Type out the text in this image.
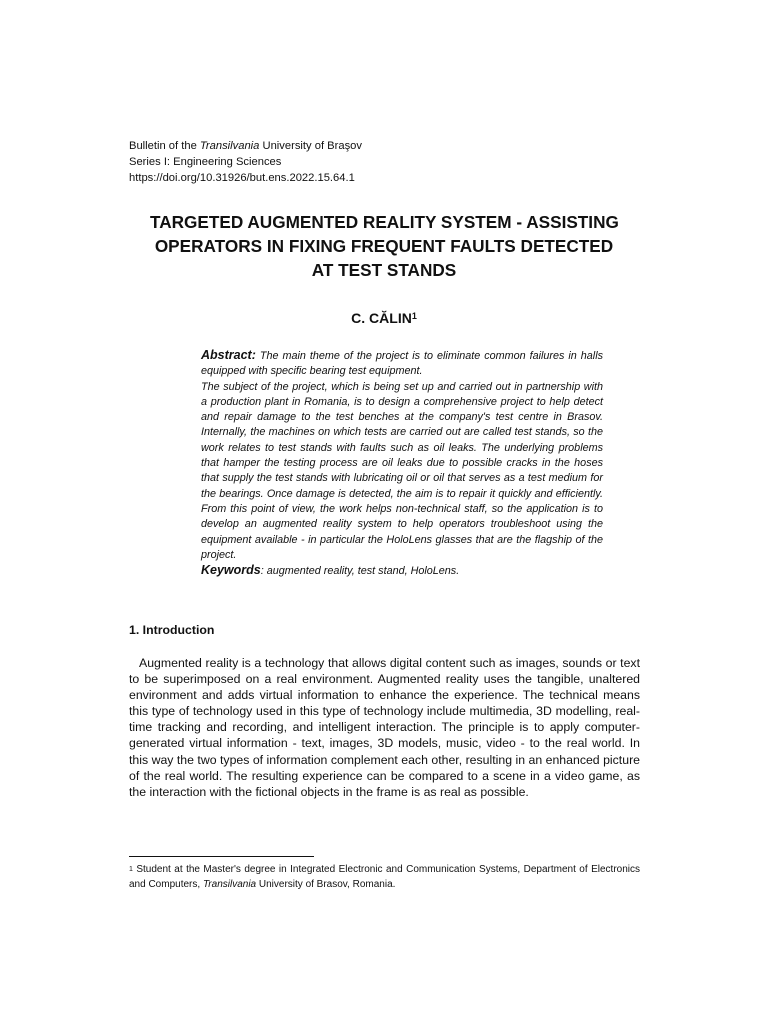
Bulletin of the Transilvania University of Braşov
Series I: Engineering Sciences
https://doi.org/10.31926/but.ens.2022.15.64.1
TARGETED AUGMENTED REALITY SYSTEM - ASSISTING
OPERATORS IN FIXING FREQUENT FAULTS DETECTED
AT TEST STANDS
C. CĂLIN$^1$

Abstract: The main theme of the project is to eliminate common failures in halls equipped with specific bearing test equipment.

The subject of the project, which is being set up and carried out in partnership with a production plant in Romania, is to design a comprehensive project to help detect and repair damage to the test benches at the company's test centre in Brasov. Internally, the machines on which tests are carried out are called test stands, so the work relates to test stands with faults such as oil leaks. The underlying problems that hamper the testing process are oil leaks due to possible cracks in the hoses that supply the test stands with lubricating oil or oil that serves as a test medium for the bearings. Once damage is detected, the aim is to repair it quickly and efficiently. From this point of view, the work helps non-technical staff, so the application is to develop an augmented reality system to help operators troubleshoot using the equipment available - in particular the HoloLens glasses that are the flagship of the project.

Keywords: augmented reality, test stand, HoloLens.

1. Introduction

Augmented reality is a technology that allows digital content such as images, sounds or text to be superimposed on a real environment. Augmented reality uses the tangible, unaltered environment and adds virtual information to enhance the experience. The technical means this type of technology used in this type of technology include multimedia, 3D modelling, real-time tracking and recording, and intelligent interaction. The principle is to apply computer-generated virtual information - text, images, 3D models, music, video - to the real world. In this way the two types of information complement each other, resulting in an enhanced picture of the real world. The resulting experience can be compared to a scene in a video game, as the interaction with the fictional objects in the frame is as real as possible.

$^1$ Student at the Master's degree in Integrated Electronic and Communication Systems, Department of Electronics and Computers, Transilvania University of Brasov, Romania.
